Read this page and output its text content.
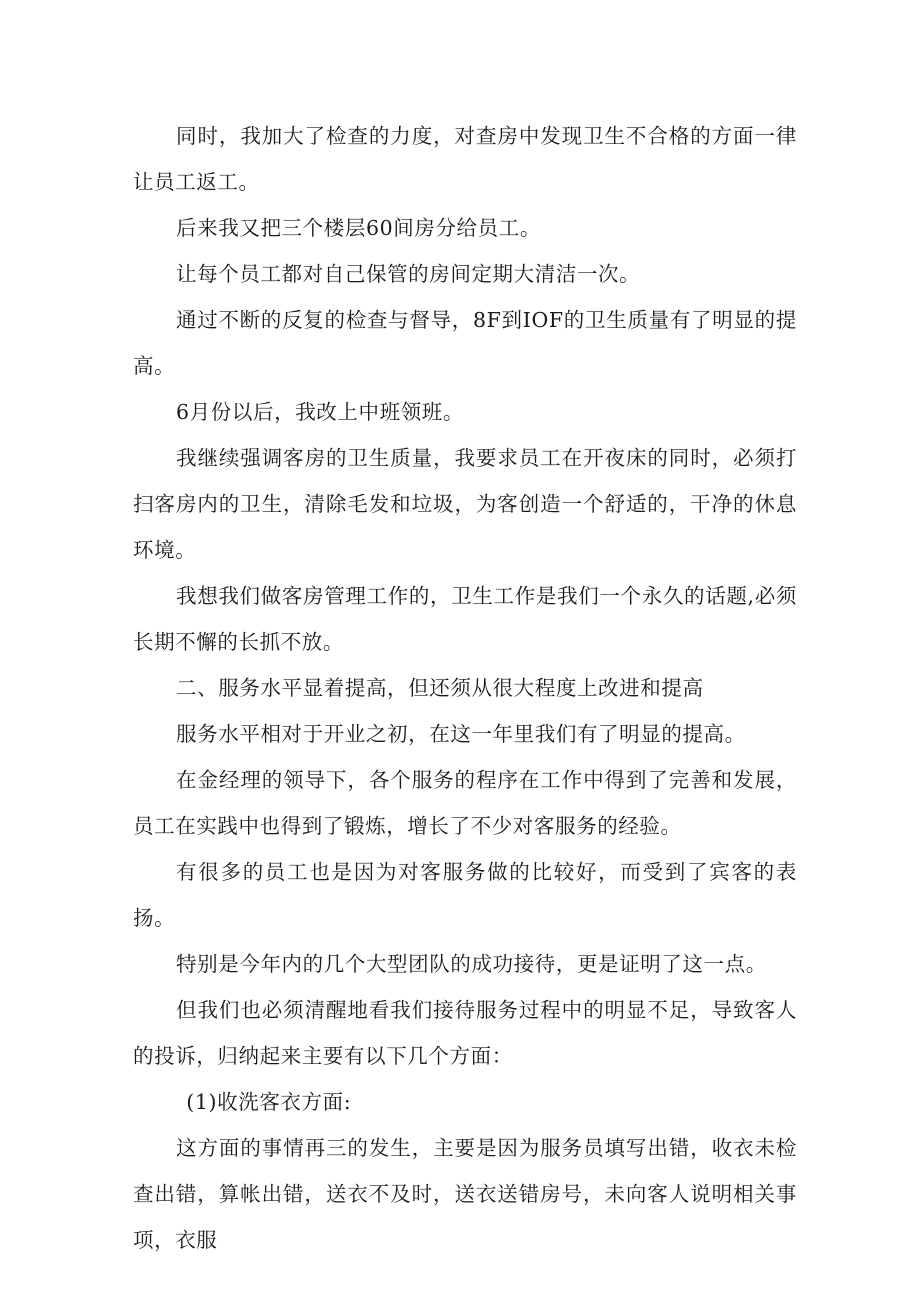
同时，我加大了检查的力度，对查房中发现卫生不合格的方面一律让员工返工。

后来我又把三个楼层60间房分给员工。

让每个员工都对自己保管的房间定期大清洁一次。

通过不断的反复的检查与督导，8F到IOF的卫生质量有了明显的提高。

6月份以后，我改上中班领班。

我继续强调客房的卫生质量，我要求员工在开夜床的同时，必须打扫客房内的卫生，清除毛发和垃圾，为客创造一个舒适的，干净的休息环境。

我想我们做客房管理工作的，卫生工作是我们一个永久的话题,必须长期不懈的长抓不放。

二、服务水平显着提高，但还须从很大程度上改进和提高

服务水平相对于开业之初，在这一年里我们有了明显的提高。

在金经理的领导下，各个服务的程序在工作中得到了完善和发展，员工在实践中也得到了锻炼，增长了不少对客服务的经验。

有很多的员工也是因为对客服务做的比较好，而受到了宾客的表扬。

特别是今年内的几个大型团队的成功接待，更是证明了这一点。

但我们也必须清醒地看我们接待服务过程中的明显不足，导致客人的投诉，归纳起来主要有以下几个方面：

(1)收洗客衣方面:

这方面的事情再三的发生，主要是因为服务员填写出错，收衣未检查出错，算帐出错，送衣不及时，送衣送错房号，未向客人说明相关事项，衣服
